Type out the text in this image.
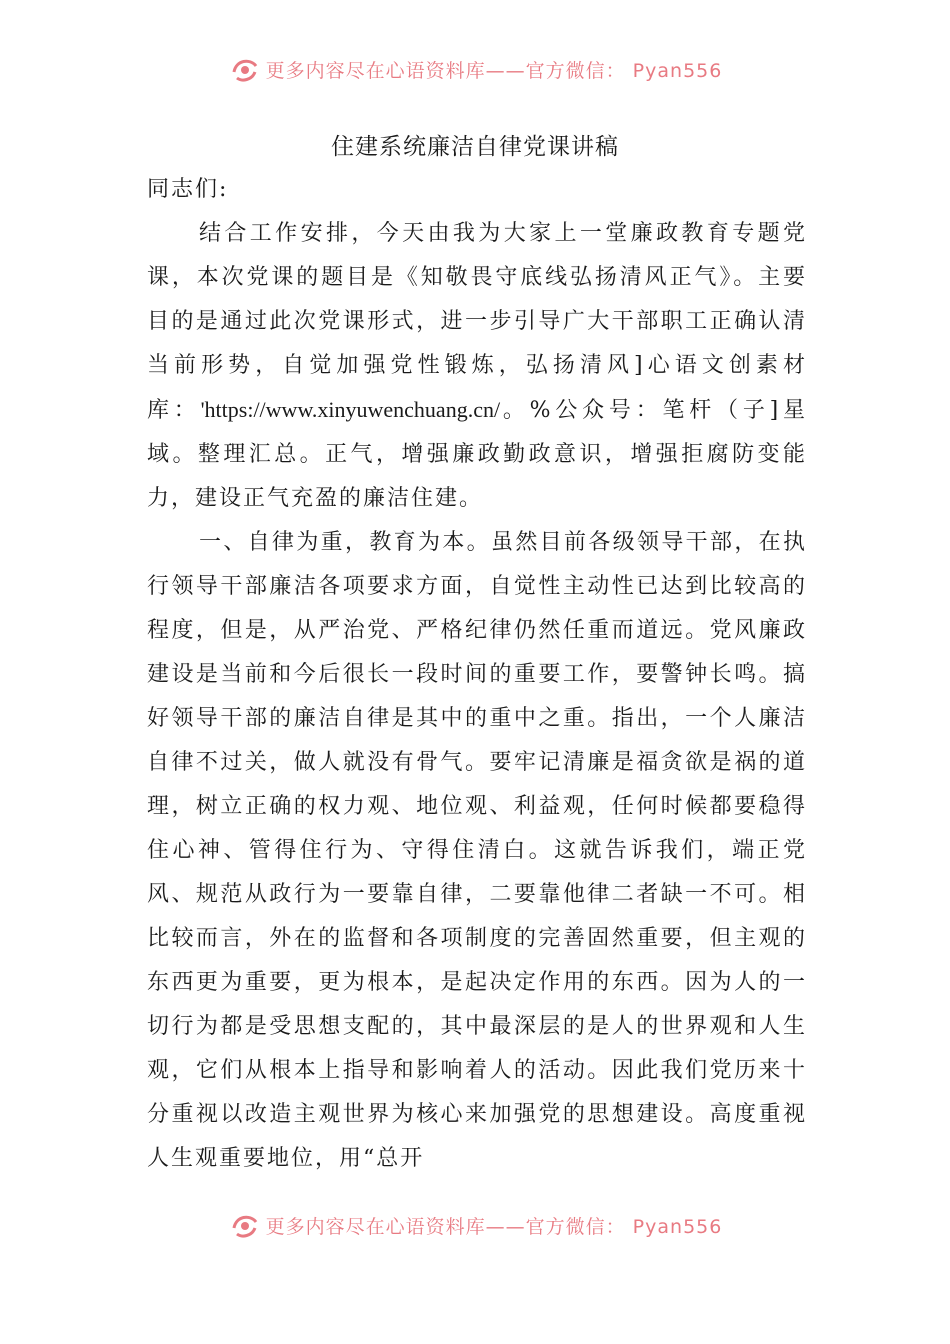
更多内容尽在心语资料库——官方微信： Pyan556
住建系统廉洁自律党课讲稿

同志们:

结合工作安排，今天由我为大家上一堂廉政教育专题党课，本次党课的题目是《知敬畏守底线弘扬清风正气》。主要目的是通过此次党课形式，进一步引导广大干部职工正确认清当前形势，自觉加强党性锻炼，弘扬清风]心语文创素材库：'https://www.xinyuwenchuang.cn/。%公众号：笔杆（子]星域。整理汇总。正气，增强廉政勤政意识，增强拒腐防变能力，建设正气充盈的廉洁住建。

一、自律为重，教育为本。虽然目前各级领导干部，在执行领导干部廉洁各项要求方面，自觉性主动性已达到比较高的程度，但是，从严治党、严格纪律仍然任重而道远。党风廉政建设是当前和今后很长一段时间的重要工作，要警钟长鸣。搞好领导干部的廉洁自律是其中的重中之重。指出，一个人廉洁自律不过关，做人就没有骨气。要牢记清廉是福贪欲是祸的道理，树立正确的权力观、地位观、利益观，任何时候都要稳得住心神、管得住行为、守得住清白。这就告诉我们，端正党风、规范从政行为一要靠自律，二要靠他律二者缺一不可。相比较而言，外在的监督和各项制度的完善固然重要，但主观的东西更为重要，更为根本，是起决定作用的东西。因为人的一切行为都是受思想支配的，其中最深层的是人的世界观和人生观，它们从根本上指导和影响着人的活动。因此我们党历来十分重视以改造主观世界为核心来加强党的思想建设。高度重视人生观重要地位，用“总开

更多内容尽在心语资料库——官方微信： Pyan556
